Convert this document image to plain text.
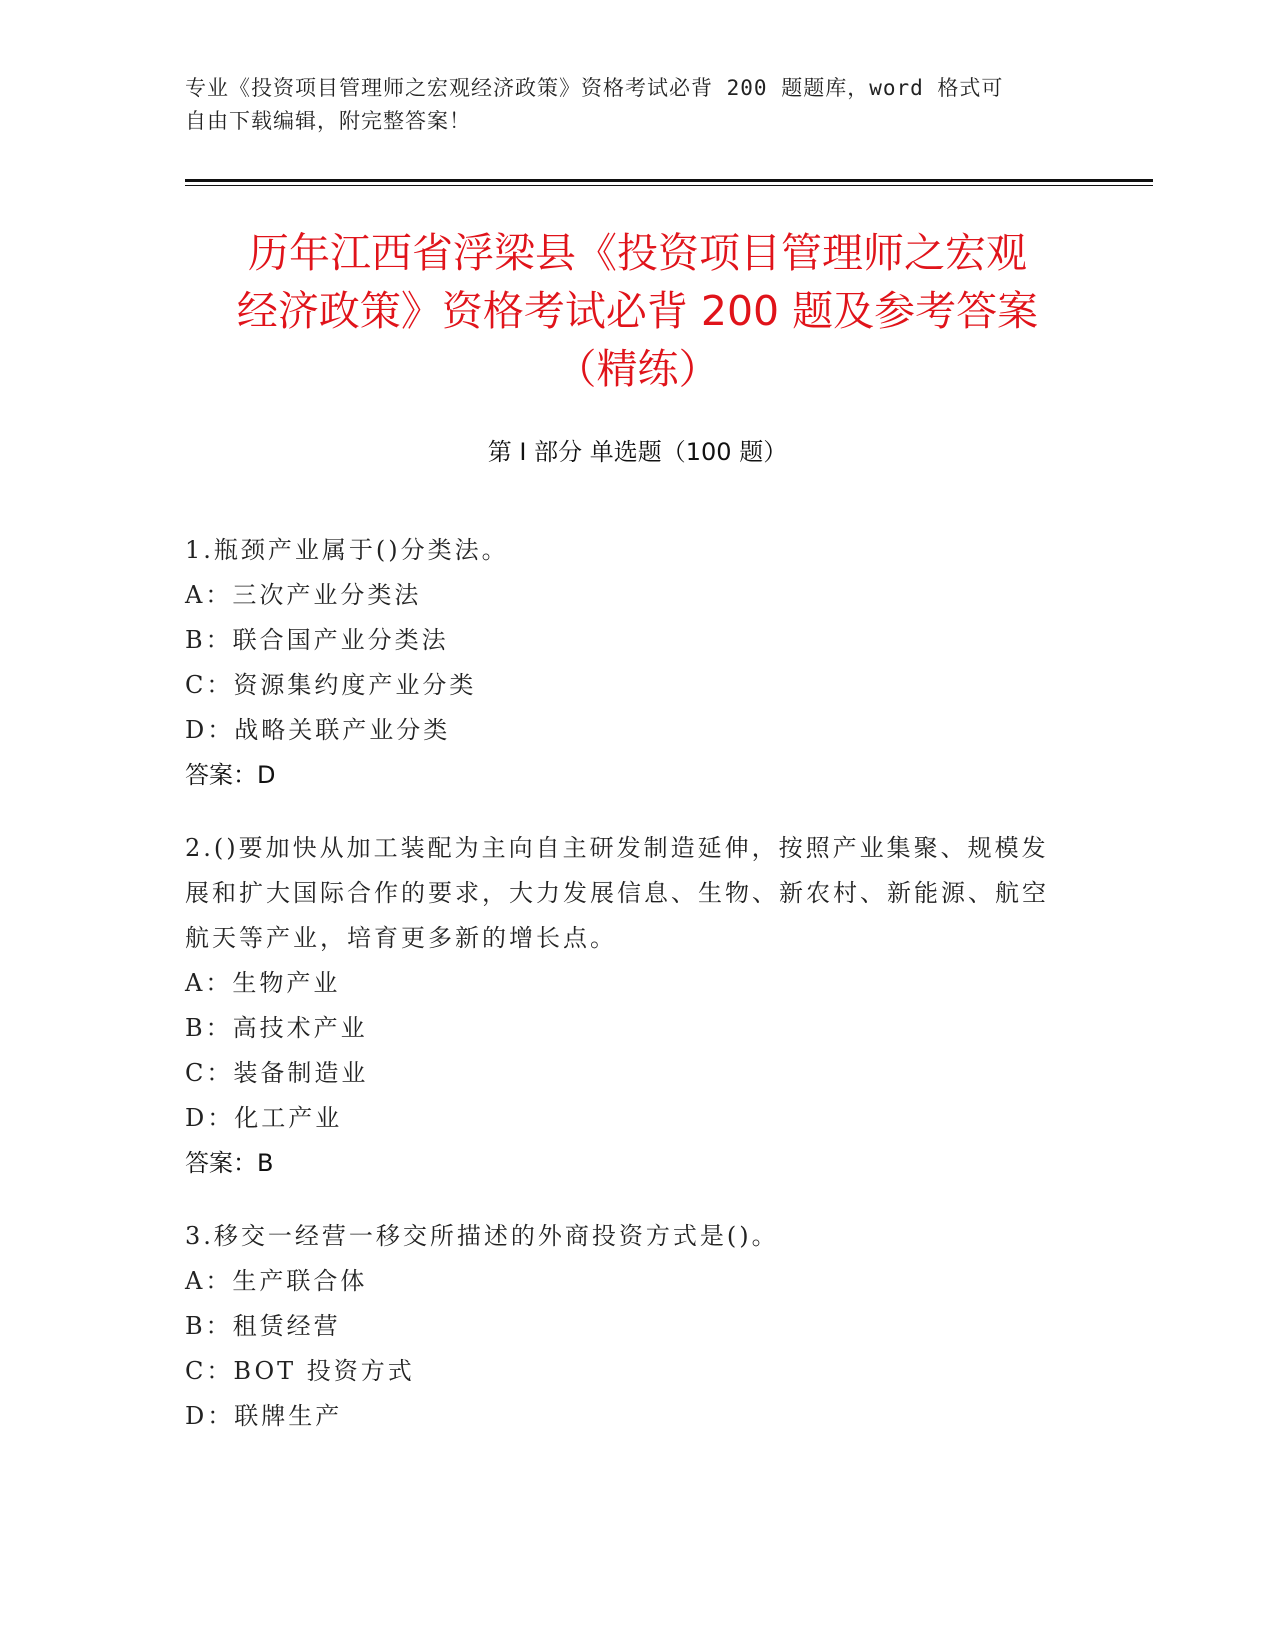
专业《投资项目管理师之宏观经济政策》资格考试必背 200 题题库，word 格式可
自由下载编辑，附完整答案！
历年江西省浮梁县《投资项目管理师之宏观
经济政策》资格考试必背 200 题及参考答案
（精练）
第 I 部分 单选题（100 题）
1.瓶颈产业属于()分类法。
A：三次产业分类法
B：联合国产业分类法
C：资源集约度产业分类
D：战略关联产业分类
答案：D
2.()要加快从加工装配为主向自主研发制造延伸，按照产业集聚、规模发展和扩大国际合作的要求，大力发展信息、生物、新农村、新能源、航空航天等产业，培育更多新的增长点。
A：生物产业
B：高技术产业
C：装备制造业
D：化工产业
答案：B
3.移交一经营一移交所描述的外商投资方式是()。
A：生产联合体
B：租赁经营
C：BOT 投资方式
D：联牌生产
